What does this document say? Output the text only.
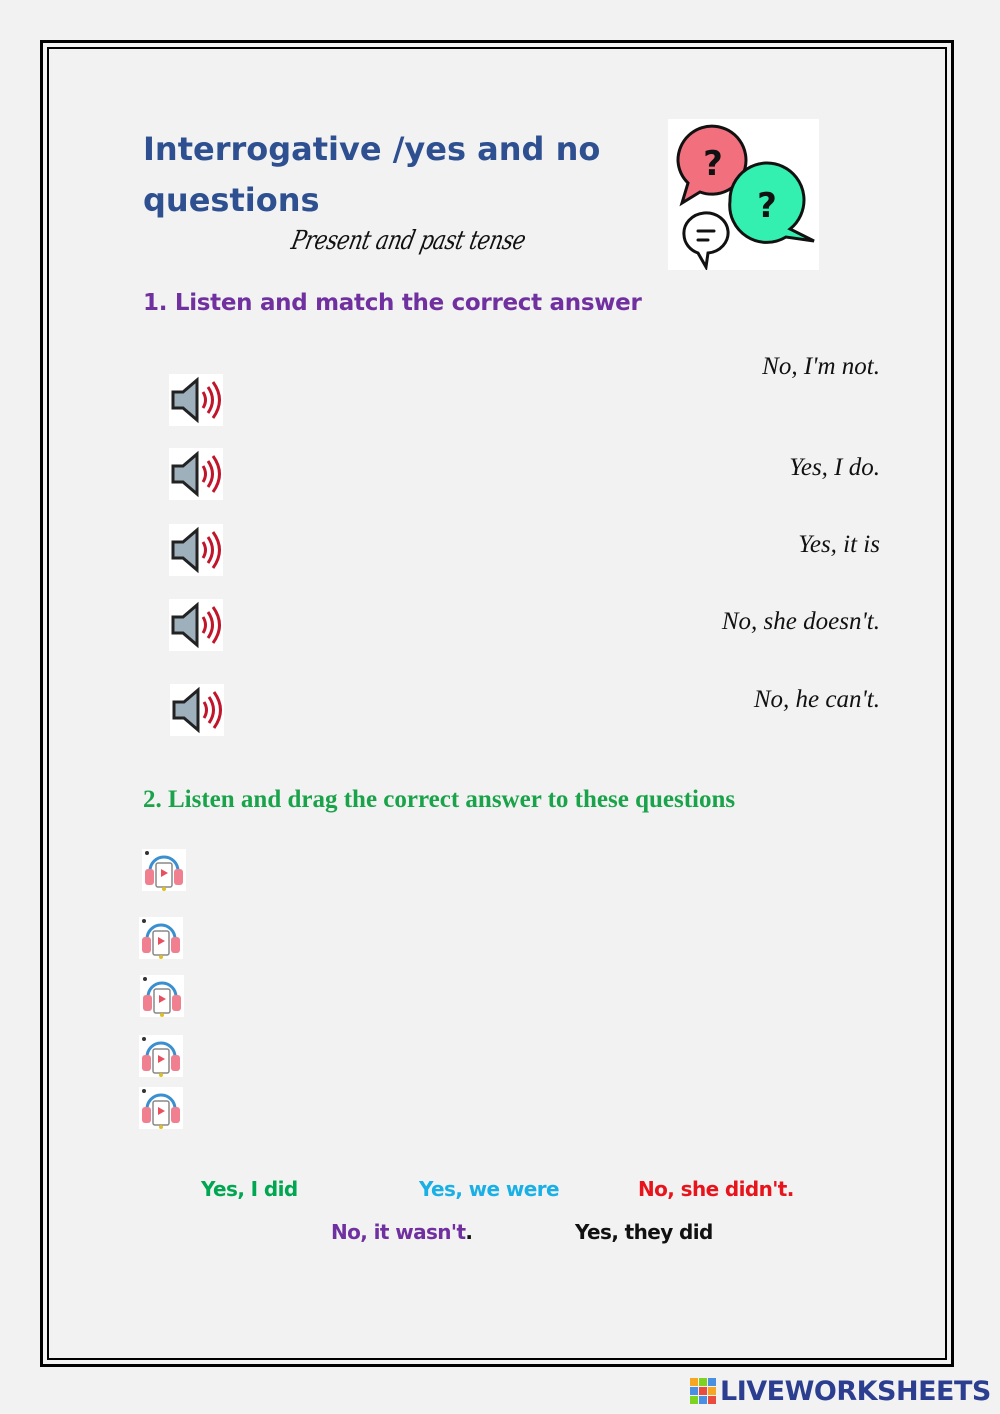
Interrogative /yes and no
questions
Present and past tense
?
?
1. Listen and match the correct answer
No, I'm not.
Yes, I do.
Yes, it is
No, she doesn't.
No, he can't.
2. Listen and drag the correct answer to these questions
Yes, I did	Yes, we were	No, she didn't.
No, it wasn't.	Yes, they did
LIVEWORKSHEETS
